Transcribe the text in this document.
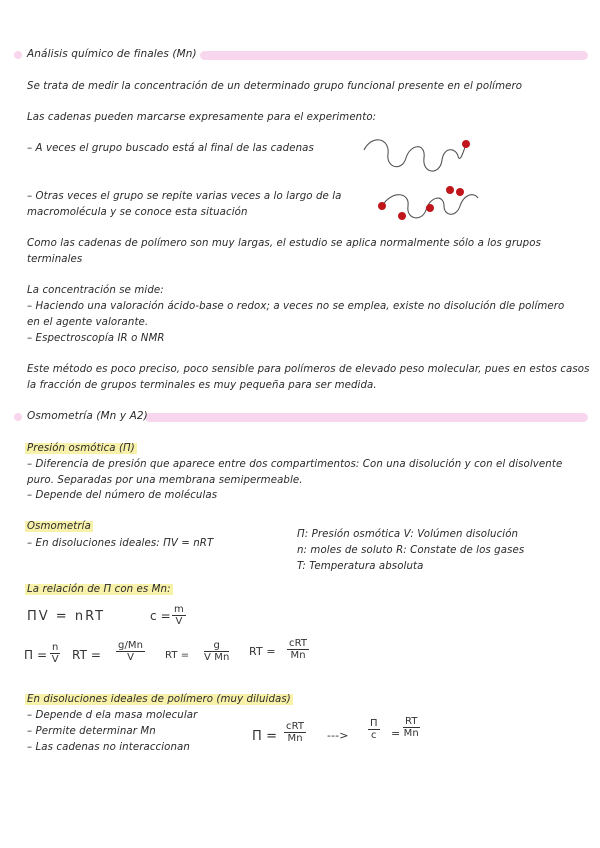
Análisis químico de finales (Mn)
Se trata de medir la concentración de un determinado grupo funcional presente en el polímero
Las cadenas pueden marcarse expresamente para el experimento:
– A veces el grupo buscado está al final de las cadenas
– Otras veces el grupo se repite varias veces a lo largo de la
macromolécula y se conoce esta situación
Como las cadenas de polímero son muy largas, el estudio se aplica normalmente sólo a los grupos
terminales
La concentración se mide:
– Haciendo una valoración ácido-base o redox; a veces no se emplea, existe no disolución dle polímero
en el agente valorante.
– Espectroscopía IR o NMR
Este método es poco preciso, poco sensible para polímeros de elevado peso molecular, pues en estos casos
la fracción de grupos terminales es muy pequeña para ser medida.
Osmometría (Mn y A2)
Presión osmótica (Π)
– Diferencia de presión que aparece entre dos compartimentos: Con una disolución y con el disolvente
puro. Separadas por una membrana semipermeable.
– Depende del número de moléculas
Osmometría
– En disoluciones ideales: ΠV = nRT
Π: Presión osmótica V: Volúmen disolución
n: moles de soluto R: Constate de los gases
T: Temperatura absoluta
La relación de Π con es Mn:
ΠV = nRT	$c = \frac{m}{V}$
$\Pi = \frac{n}{V}$ RT = $\frac{g/Mn}{V}$ RT = $\frac{g}{\text{V Mn}}$ RT =
cRT
Mn
En disoluciones ideales de polímero (muy diluidas)
– Depende d ela masa molecular
– Permite determinar Mn
– Las cadenas no interaccionan
Π =
cRT
Mn	---> $\frac{\Pi}{c} = \frac{RT}{Mn}$
